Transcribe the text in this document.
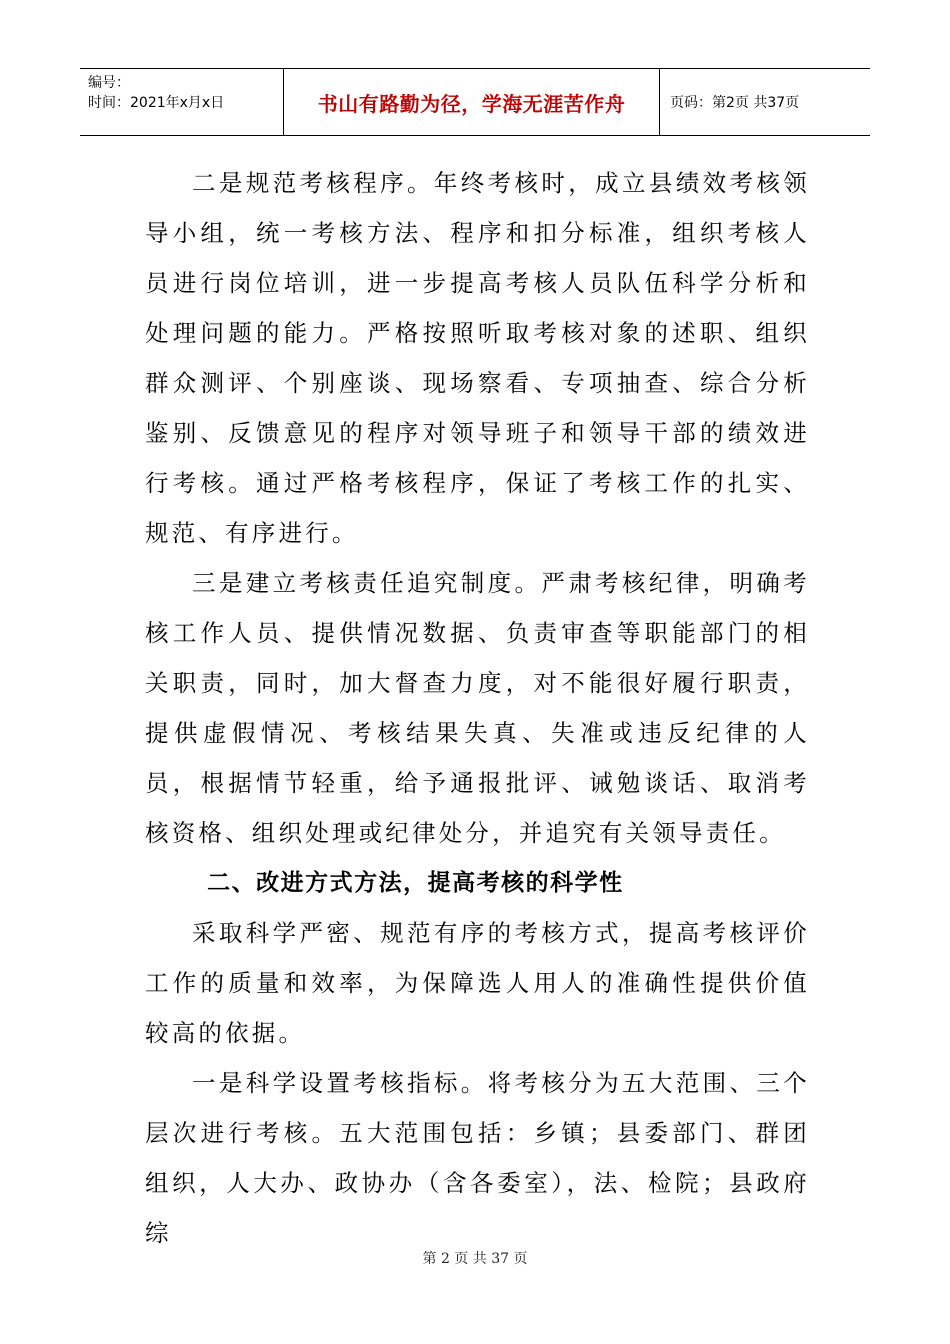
编号：
时间：2021年x月x日	书山有路勤为径，学海无涯苦作舟	页码：第2页 共37页

二是规范考核程序。年终考核时，成立县绩效考核领导小组，统一考核方法、程序和扣分标准，组织考核人员进行岗位培训，进一步提高考核人员队伍科学分析和处理问题的能力。严格按照听取考核对象的述职、组织群众测评、个别座谈、现场察看、专项抽查、综合分析鉴别、反馈意见的程序对领导班子和领导干部的绩效进行考核。通过严格考核程序，保证了考核工作的扎实、规范、有序进行。

三是建立考核责任追究制度。严肃考核纪律，明确考核工作人员、提供情况数据、负责审查等职能部门的相关职责，同时，加大督查力度，对不能很好履行职责，提供虚假情况、考核结果失真、失准或违反纪律的人员，根据情节轻重，给予通报批评、诫勉谈话、取消考核资格、组织处理或纪律处分，并追究有关领导责任。

二、改进方式方法，提高考核的科学性

采取科学严密、规范有序的考核方式，提高考核评价工作的质量和效率，为保障选人用人的准确性提供价值较高的依据。

一是科学设置考核指标。将考核分为五大范围、三个层次进行考核。五大范围包括：乡镇；县委部门、群团组织，人大办、政协办（含各委室），法、检院；县政府综

第 2 页 共 37 页
